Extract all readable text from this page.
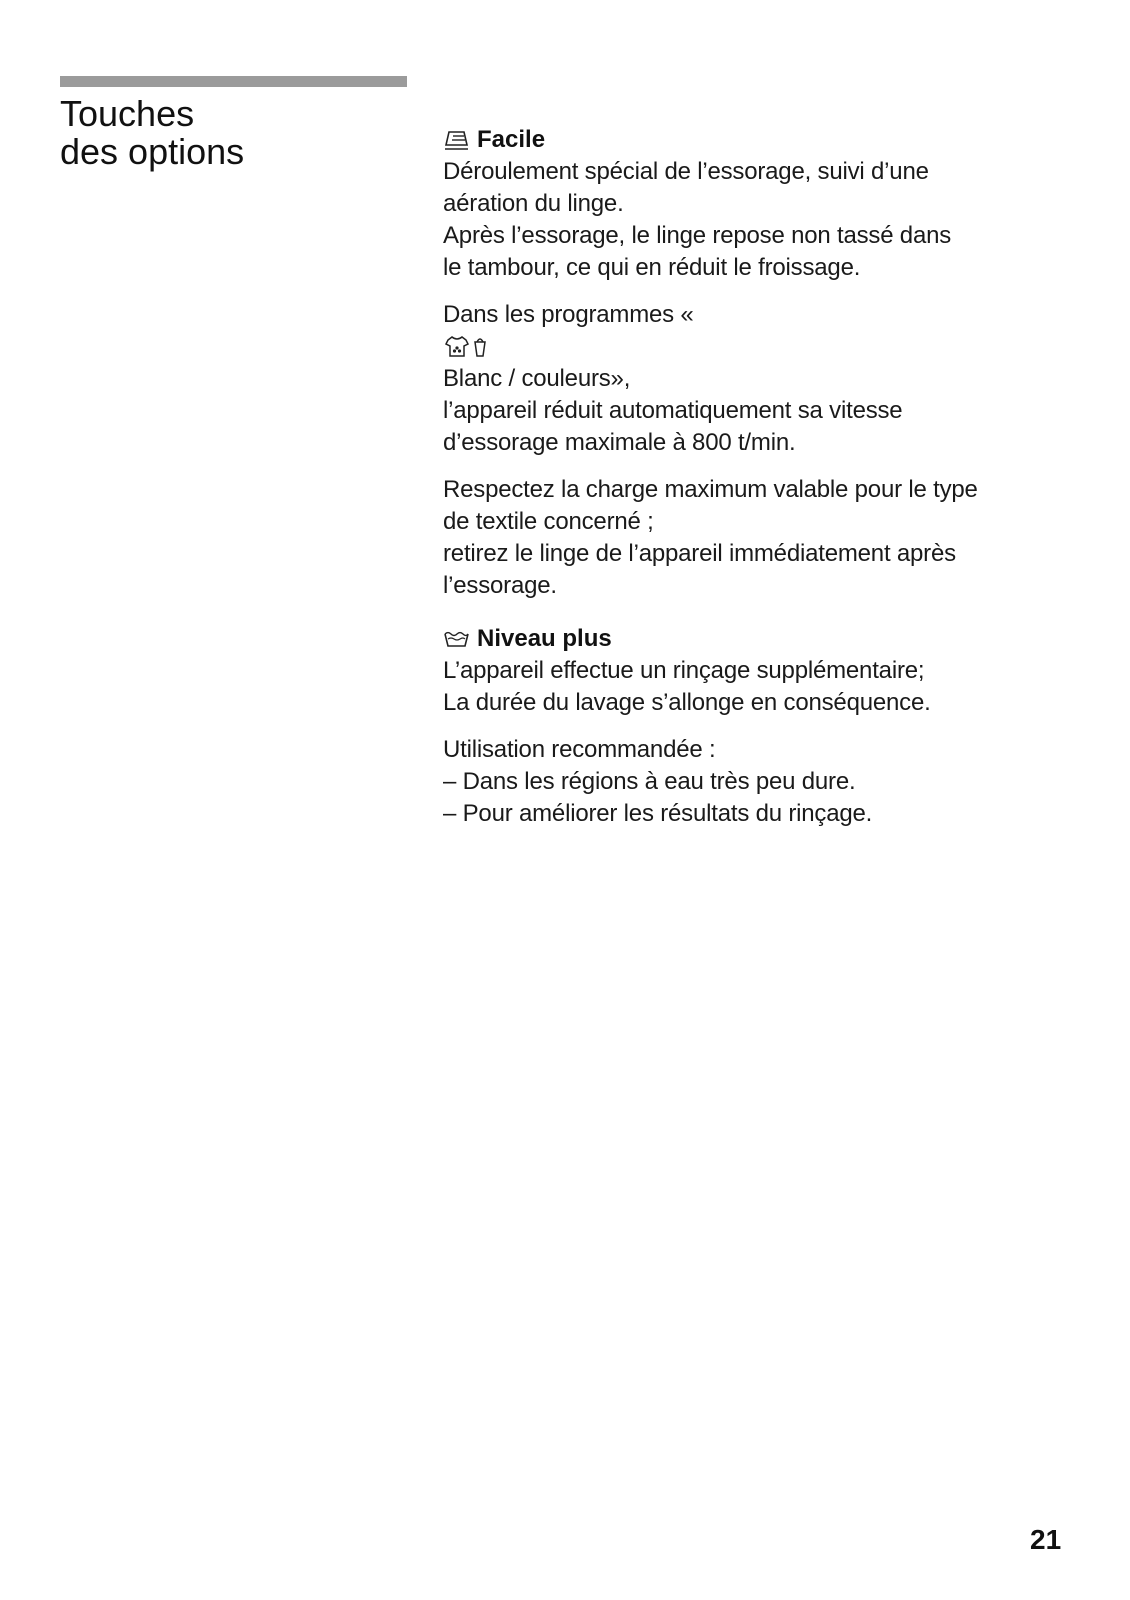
Touches
des options	Facile

Déroulement spécial de l’essorage, suivi d’une
aération du linge.
Après l’essorage, le linge repose non tassé dans
le tambour, ce qui en réduit le froissage.

Dans les programmes «
Blanc / couleurs»,
l’appareil réduit automatiquement sa vitesse
d’essorage maximale à 800 t/min.

Respectez la charge maximum valable pour le type
de textile concerné ;
retirez le linge de l’appareil immédiatement après
l’essorage.

Niveau plus

L’appareil effectue un rinçage supplémentaire;
La durée du lavage s’allonge en conséquence.

Utilisation recommandée :
– Dans les régions à eau très peu dure.
– Pour améliorer les résultats du rinçage.

21
